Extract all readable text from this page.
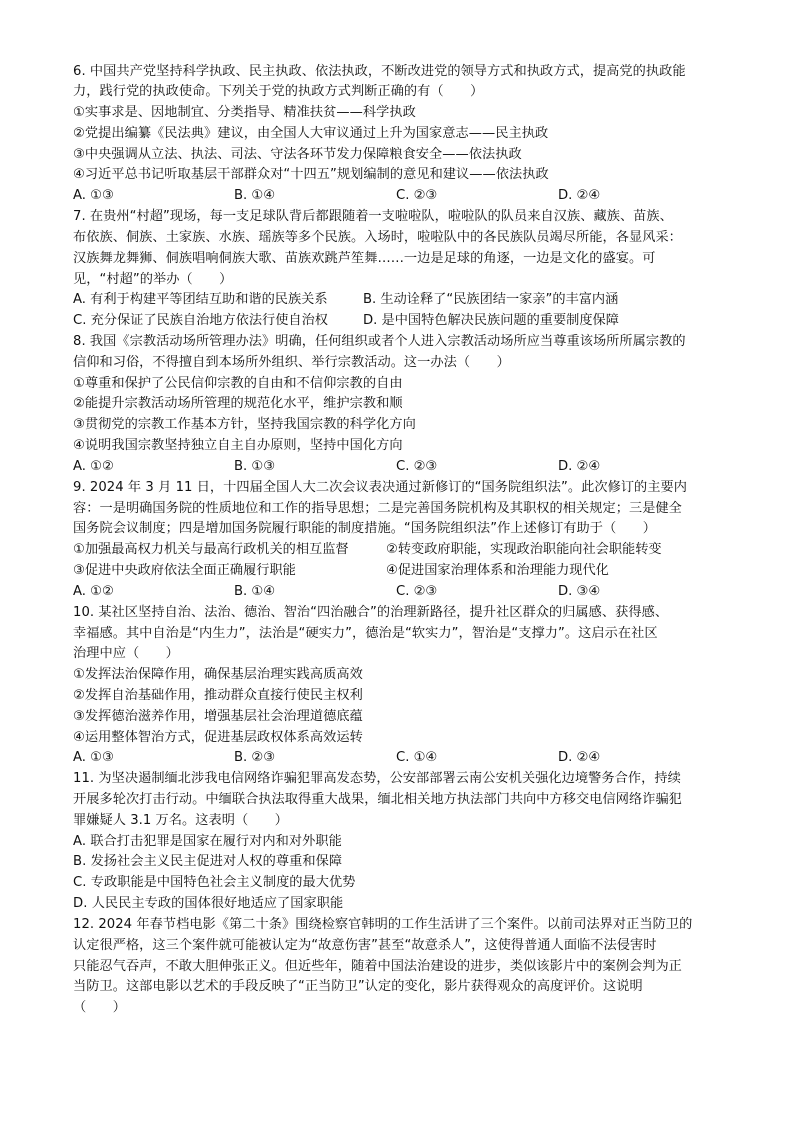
6. 中国共产党坚持科学执政、民主执政、依法执政，不断改进党的领导方式和执政方式，提高党的执政能
力，践行党的执政使命。下列关于党的执政方式判断正确的有（　　）
①实事求是、因地制宜、分类指导、精准扶贫——科学执政
②党提出编纂《民法典》建议，由全国人大审议通过上升为国家意志——民主执政
③中央强调从立法、执法、司法、守法各环节发力保障粮食安全——依法执政
④习近平总书记听取基层干部群众对“十四五”规划编制的意见和建议——依法执政
A. ①③	B. ①④	C. ②③	D. ②④
7. 在贵州“村超”现场，每一支足球队背后都跟随着一支啦啦队，啦啦队的队员来自汉族、藏族、苗族、
布依族、侗族、土家族、水族、瑶族等多个民族。入场时，啦啦队中的各民族队员竭尽所能，各显风采：
汉族舞龙舞狮、侗族唱响侗族大歌、苗族欢跳芦笙舞……一边是足球的角逐，一边是文化的盛宴。可
见，“村超”的举办（　　）
A. 有利于构建平等团结互助和谐的民族关系	B. 生动诠释了“民族团结一家亲”的丰富内涵
C. 充分保证了民族自治地方依法行使自治权	D. 是中国特色解决民族问题的重要制度保障
8. 我国《宗教活动场所管理办法》明确，任何组织或者个人进入宗教活动场所应当尊重该场所所属宗教的
信仰和习俗，不得擅自到本场所外组织、举行宗教活动。这一办法（　　）
①尊重和保护了公民信仰宗教的自由和不信仰宗教的自由
②能提升宗教活动场所管理的规范化水平，维护宗教和顺
③贯彻党的宗教工作基本方针，坚持我国宗教的科学化方向
④说明我国宗教坚持独立自主自办原则，坚持中国化方向
A. ①②	B. ①③	C. ②③	D. ②④
9. 2024 年 3 月 11 日，十四届全国人大二次会议表决通过新修订的“国务院组织法”。此次修订的主要内
容：一是明确国务院的性质地位和工作的指导思想；二是完善国务院机构及其职权的相关规定；三是健全
国务院会议制度；四是增加国务院履行职能的制度措施。“国务院组织法”作上述修订有助于（　　）
①加强最高权力机关与最高行政机关的相互监督	②转变政府职能，实现政治职能向社会职能转变
③促进中央政府依法全面正确履行职能	④促进国家治理体系和治理能力现代化
A. ①②	B. ①④	C. ②③	D. ③④
10. 某社区坚持自治、法治、德治、智治“四治融合”的治理新路径，提升社区群众的归属感、获得感、
幸福感。其中自治是“内生力”，法治是“硬实力”，德治是“软实力”，智治是“支撑力”。这启示在社区
治理中应（　　）
①发挥法治保障作用，确保基层治理实践高质高效
②发挥自治基础作用，推动群众直接行使民主权利
③发挥德治滋养作用，增强基层社会治理道德底蕴
④运用整体智治方式，促进基层政权体系高效运转
A. ①③	B. ②③	C. ①④	D. ②④
11. 为坚决遏制缅北涉我电信网络诈骗犯罪高发态势，公安部部署云南公安机关强化边境警务合作，持续
开展多轮次打击行动。中缅联合执法取得重大战果，缅北相关地方执法部门共向中方移交电信网络诈骗犯
罪嫌疑人 3.1 万名。这表明（　　）
A. 联合打击犯罪是国家在履行对内和对外职能
B. 发扬社会主义民主促进对人权的尊重和保障
C. 专政职能是中国特色社会主义制度的最大优势
D. 人民民主专政的国体很好地适应了国家职能
12. 2024 年春节档电影《第二十条》围绕检察官韩明的工作生活讲了三个案件。以前司法界对正当防卫的
认定很严格，这三个案件就可能被认定为“故意伤害”甚至“故意杀人”，这使得普通人面临不法侵害时
只能忍气吞声，不敢大胆伸张正义。但近些年，随着中国法治建设的进步，类似该影片中的案例会判为正
当防卫。这部电影以艺术的手段反映了“正当防卫”认定的变化，影片获得观众的高度评价。这说明
（　　）
